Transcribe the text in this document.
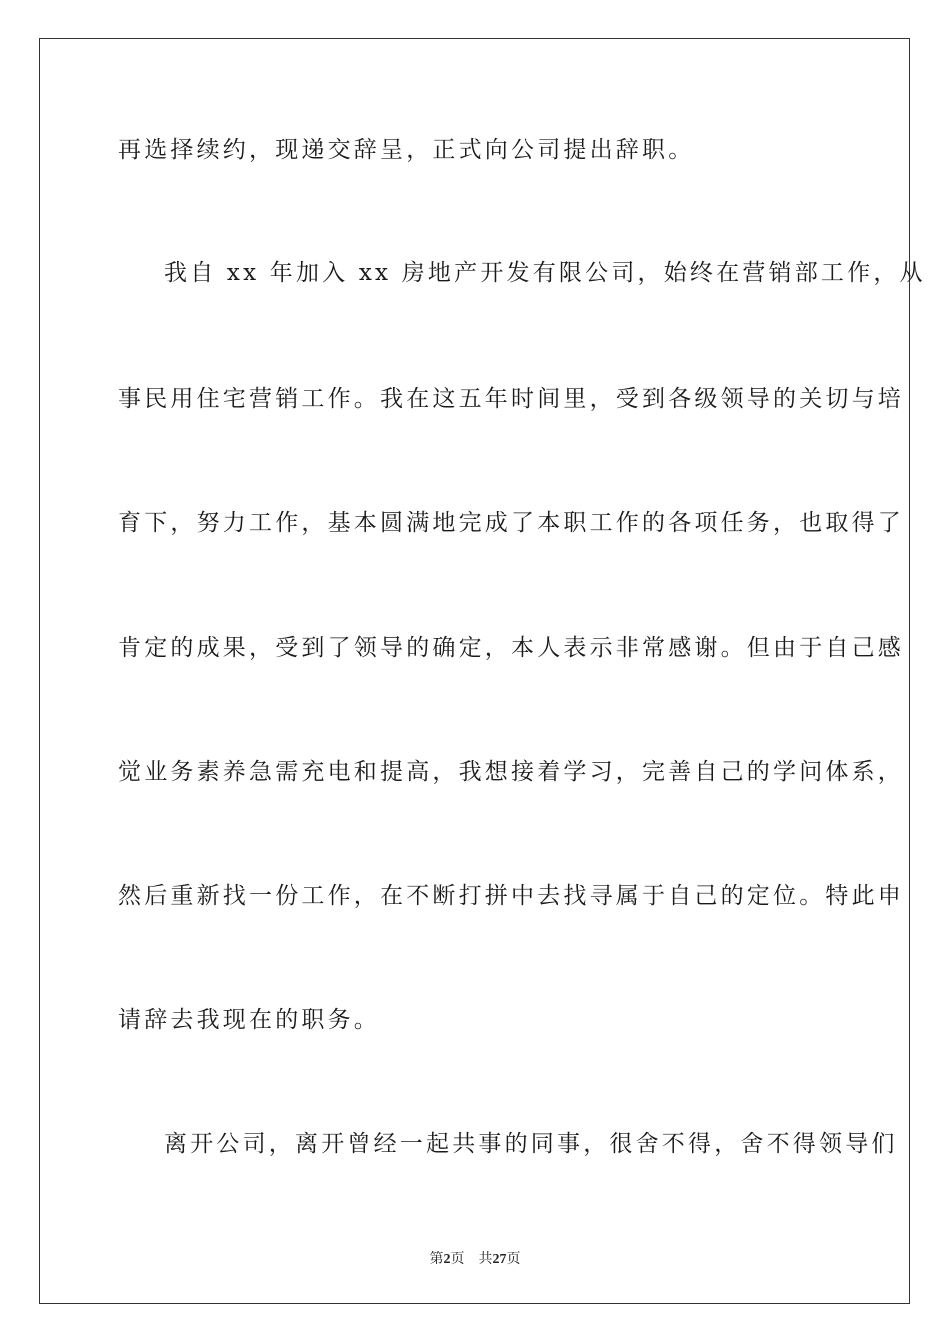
再选择续约，现递交辞呈，正式向公司提出辞职。
我自 xx 年加入 xx 房地产开发有限公司，始终在营销部工作，从
事民用住宅营销工作。我在这五年时间里，受到各级领导的关切与培
育下，努力工作，基本圆满地完成了本职工作的各项任务，也取得了
肯定的成果，受到了领导的确定，本人表示非常感谢。但由于自己感
觉业务素养急需充电和提高，我想接着学习，完善自己的学问体系，
然后重新找一份工作，在不断打拼中去找寻属于自己的定位。特此申
请辞去我现在的职务。
离开公司，离开曾经一起共事的同事，很舍不得，舍不得领导们
第2页 共27页
